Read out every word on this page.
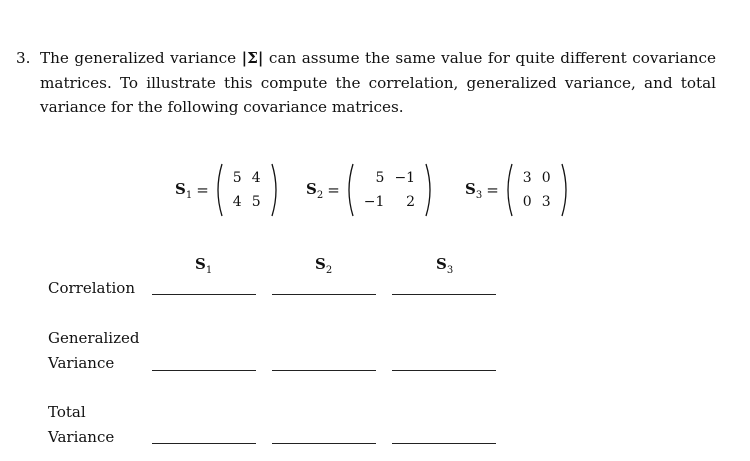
3. The generalized variance |Σ| can assume the same value for quite different covariance matrices. To illustrate this compute the correlation, generalized variance, and total variance for the following covariance matrices.
$S_1$ =
5 4
4 5
$S_2$ =
5 −1
−1	2
$S_3$ =
3 0
0 3
$S_1$	$S_2$	$S_3$
Correlation
Generalized
Variance
Total
Variance
